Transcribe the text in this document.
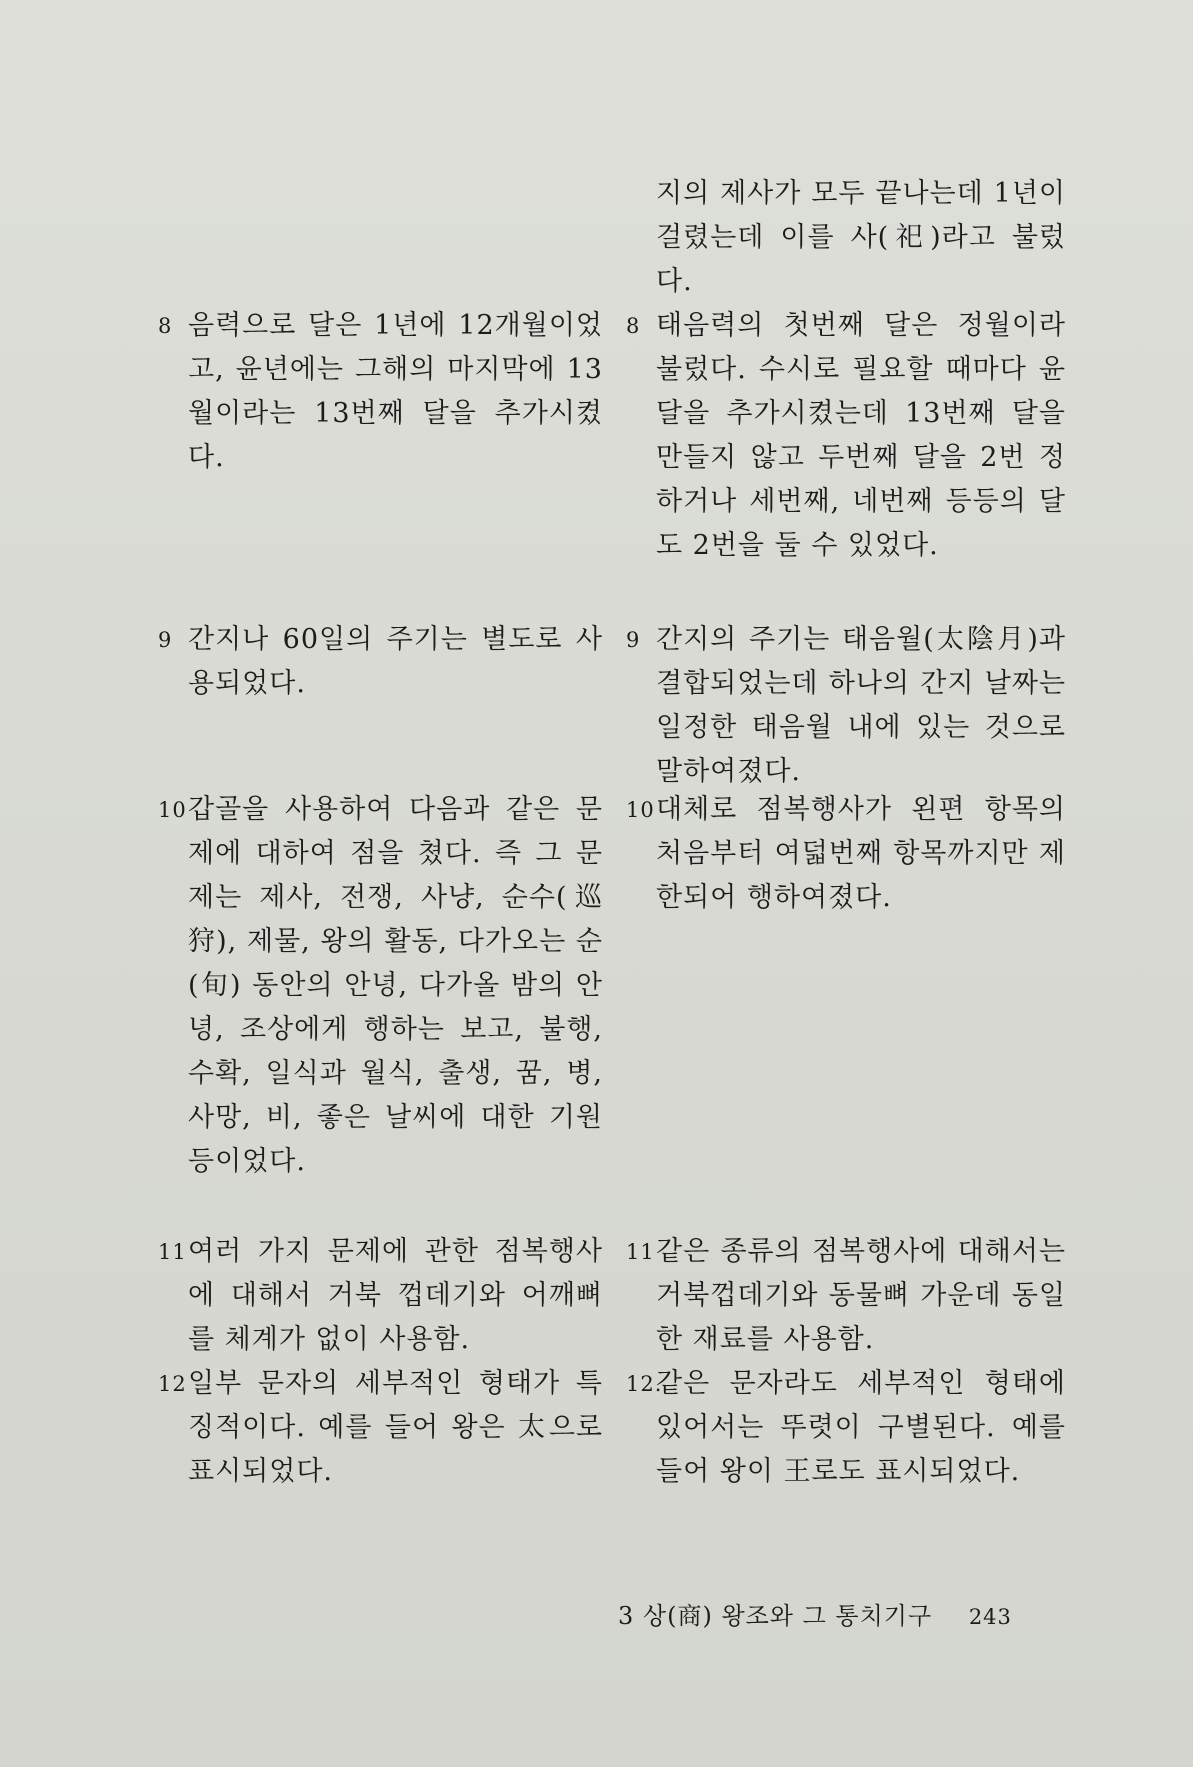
8 음력으로 달은 1년에 12개월이었고, 윤년에는 그해의 마지막에 13월이라는 13번째 달을 추가시켰다.
9 간지나 60일의 주기는 별도로 사용되었다.
10 갑골을 사용하여 다음과 같은 문제에 대하여 점을 쳤다. 즉 그 문제는 제사, 전쟁, 사냥, 순수(巡狩), 제물, 왕의 활동, 다가오는 순(旬) 동안의 안녕, 다가올 밤의 안녕, 조상에게 행하는 보고, 불행, 수확, 일식과 월식, 출생, 꿈, 병, 사망, 비, 좋은 날씨에 대한 기원 등이었다.
11 여러 가지 문제에 관한 점복행사에 대해서 거북 껍데기와 어깨뼈를 체계가 없이 사용함.
12 일부 문자의 세부적인 형태가 특징적이다. 예를 들어 왕은 太으로 표시되었다.
지의 제사가 모두 끝나는데 1년이 걸렸는데 이를 사(祀)라고 불렀다.
8 태음력의 첫번째 달은 정월이라 불렀다. 수시로 필요할 때마다 윤달을 추가시켰는데 13번째 달을 만들지 않고 두번째 달을 2번 정하거나 세번째, 네번째 등등의 달도 2번을 둘 수 있었다.
9 간지의 주기는 태음월(太陰月)과 결합되었는데 하나의 간지 날짜는 일정한 태음월 내에 있는 것으로 말하여졌다.
10 대체로 점복행사가 왼편 항목의 처음부터 여덟번째 항목까지만 제한되어 행하여졌다.
11 같은 종류의 점복행사에 대해서는 거북껍데기와 동물뼈 가운데 동일한 재료를 사용함.
12.
같은 문자라도 세부적인 형태에 있어서는 뚜렷이 구별된다. 예를 들어 왕이 王로도 표시되었다.
3 상(商) 왕조와 그 통치기구 243
